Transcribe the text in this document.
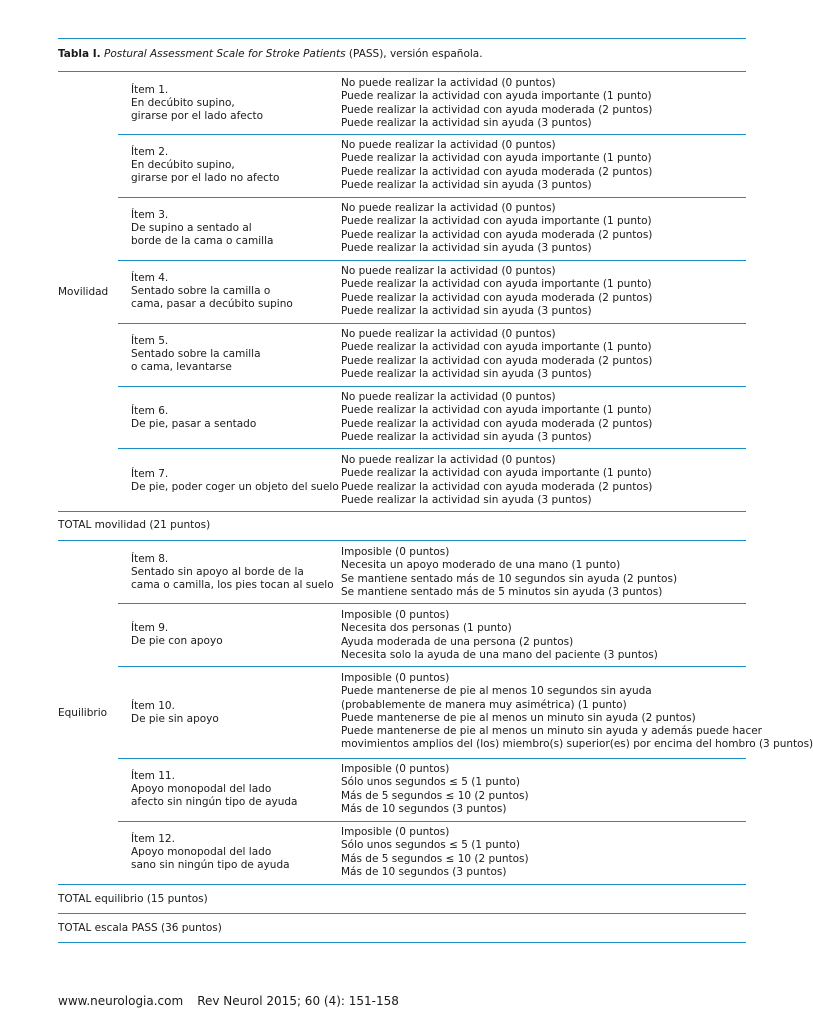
Tabla I. Postural Assessment Scale for Stroke Patients (PASS), versión española.
Movilidad
Equilibrio
Ítem 1.
En decúbito supino,
girarse por el lado afecto
No puede realizar la actividad (0 puntos)
Puede realizar la actividad con ayuda importante (1 punto)
Puede realizar la actividad con ayuda moderada (2 puntos)
Puede realizar la actividad sin ayuda (3 puntos)
Ítem 2.
En decúbito supino,
girarse por el lado no afecto
No puede realizar la actividad (0 puntos)
Puede realizar la actividad con ayuda importante (1 punto)
Puede realizar la actividad con ayuda moderada (2 puntos)
Puede realizar la actividad sin ayuda (3 puntos)
Ítem 3.
De supino a sentado al
borde de la cama o camilla
No puede realizar la actividad (0 puntos)
Puede realizar la actividad con ayuda importante (1 punto)
Puede realizar la actividad con ayuda moderada (2 puntos)
Puede realizar la actividad sin ayuda (3 puntos)
Ítem 4.
Sentado sobre la camilla o
cama, pasar a decúbito supino
No puede realizar la actividad (0 puntos)
Puede realizar la actividad con ayuda importante (1 punto)
Puede realizar la actividad con ayuda moderada (2 puntos)
Puede realizar la actividad sin ayuda (3 puntos)
Ítem 5.
Sentado sobre la camilla
o cama, levantarse
No puede realizar la actividad (0 puntos)
Puede realizar la actividad con ayuda importante (1 punto)
Puede realizar la actividad con ayuda moderada (2 puntos)
Puede realizar la actividad sin ayuda (3 puntos)
Ítem 6.
De pie, pasar a sentado
No puede realizar la actividad (0 puntos)
Puede realizar la actividad con ayuda importante (1 punto)
Puede realizar la actividad con ayuda moderada (2 puntos)
Puede realizar la actividad sin ayuda (3 puntos)
Ítem 7.
De pie, poder coger un objeto del suelo
No puede realizar la actividad (0 puntos)
Puede realizar la actividad con ayuda importante (1 punto)
Puede realizar la actividad con ayuda moderada (2 puntos)
Puede realizar la actividad sin ayuda (3 puntos)
TOTAL movilidad (21 puntos)
Ítem 8.
Sentado sin apoyo al borde de la
cama o camilla, los pies tocan al suelo
Imposible (0 puntos)
Necesita un apoyo moderado de una mano (1 punto)
Se mantiene sentado más de 10 segundos sin ayuda (2 puntos)
Se mantiene sentado más de 5 minutos sin ayuda (3 puntos)
Ítem 9.
De pie con apoyo
Imposible (0 puntos)
Necesita dos personas (1 punto)
Ayuda moderada de una persona (2 puntos)
Necesita solo la ayuda de una mano del paciente (3 puntos)
Ítem 10.
De pie sin apoyo
Imposible (0 puntos)
Puede mantenerse de pie al menos 10 segundos sin ayuda
(probablemente de manera muy asimétrica) (1 punto)
Puede mantenerse de pie al menos un minuto sin ayuda (2 puntos)
Puede mantenerse de pie al menos un minuto sin ayuda y además puede hacer
movimientos amplios del (los) miembro(s) superior(es) por encima del hombro (3 puntos)
Ítem 11.
Apoyo monopodal del lado
afecto sin ningún tipo de ayuda
Imposible (0 puntos)
Sólo unos segundos ≤ 5 (1 punto)
Más de 5 segundos ≤ 10 (2 puntos)
Más de 10 segundos (3 puntos)
Ítem 12.
Apoyo monopodal del lado
sano sin ningún tipo de ayuda
Imposible (0 puntos)
Sólo unos segundos ≤ 5 (1 punto)
Más de 5 segundos ≤ 10 (2 puntos)
Más de 10 segundos (3 puntos)
TOTAL equilibrio (15 puntos)
TOTAL escala PASS (36 puntos)
www.neurologia.com Rev Neurol 2015; 60 (4): 151-158
